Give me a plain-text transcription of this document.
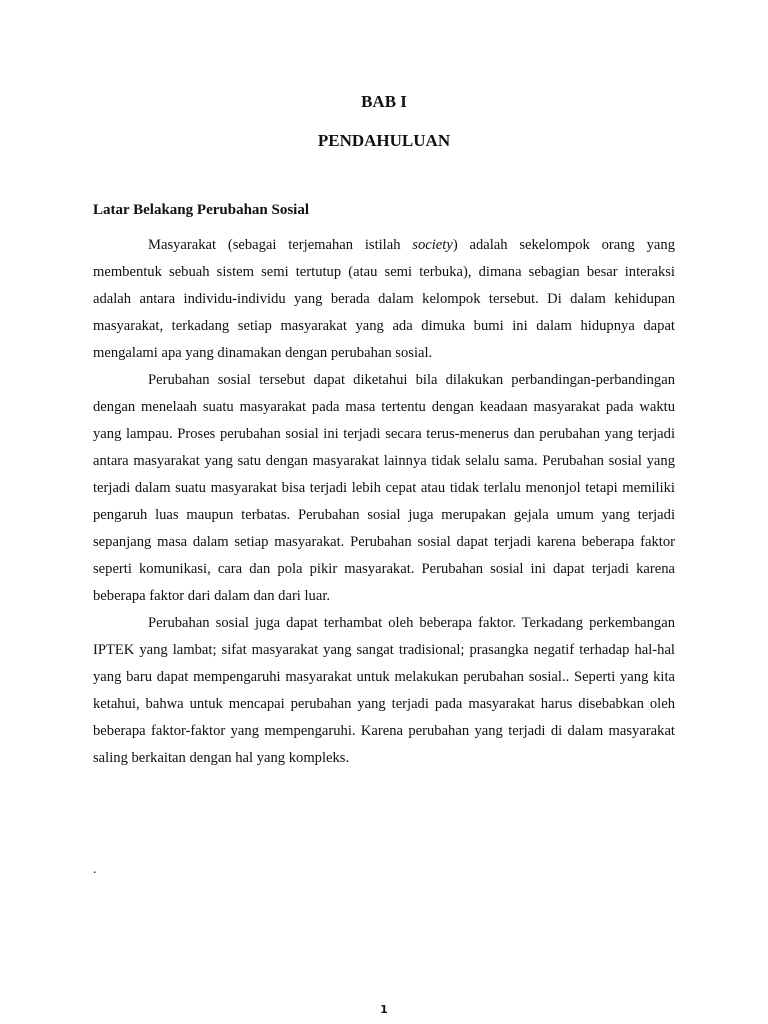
BAB I
PENDAHULUAN
Latar Belakang Perubahan Sosial

Masyarakat (sebagai terjemahan istilah society) adalah sekelompok orang yang membentuk sebuah sistem semi tertutup (atau semi terbuka), dimana sebagian besar interaksi adalah antara individu-individu yang berada dalam kelompok tersebut. Di dalam kehidupan masyarakat, terkadang setiap masyarakat yang ada dimuka bumi ini dalam hidupnya dapat mengalami apa yang dinamakan dengan perubahan sosial.

Perubahan sosial tersebut dapat diketahui bila dilakukan perbandingan-perbandingan dengan menelaah suatu masyarakat pada masa tertentu dengan keadaan masyarakat pada waktu yang lampau. Proses perubahan sosial ini terjadi secara terus-menerus dan perubahan yang terjadi antara masyarakat yang satu dengan masyarakat lainnya tidak selalu sama. Perubahan sosial yang terjadi dalam suatu masyarakat bisa terjadi lebih cepat atau tidak terlalu menonjol tetapi memiliki pengaruh luas maupun terbatas. Perubahan sosial juga merupakan gejala umum yang terjadi sepanjang masa dalam setiap masyarakat. Perubahan sosial dapat terjadi karena beberapa faktor seperti komunikasi, cara dan pola pikir masyarakat. Perubahan sosial ini dapat terjadi karena beberapa faktor dari dalam dan dari luar.

Perubahan sosial juga dapat terhambat oleh beberapa faktor. Terkadang perkembangan IPTEK yang lambat; sifat masyarakat yang sangat tradisional; prasangka negatif terhadap hal-hal yang baru dapat mempengaruhi masyarakat untuk melakukan perubahan sosial.. Seperti yang kita ketahui, bahwa untuk mencapai perubahan yang terjadi pada masyarakat harus disebabkan oleh beberapa faktor-faktor yang mempengaruhi. Karena perubahan yang terjadi di dalam masyarakat saling berkaitan dengan hal yang kompleks.

.

1
